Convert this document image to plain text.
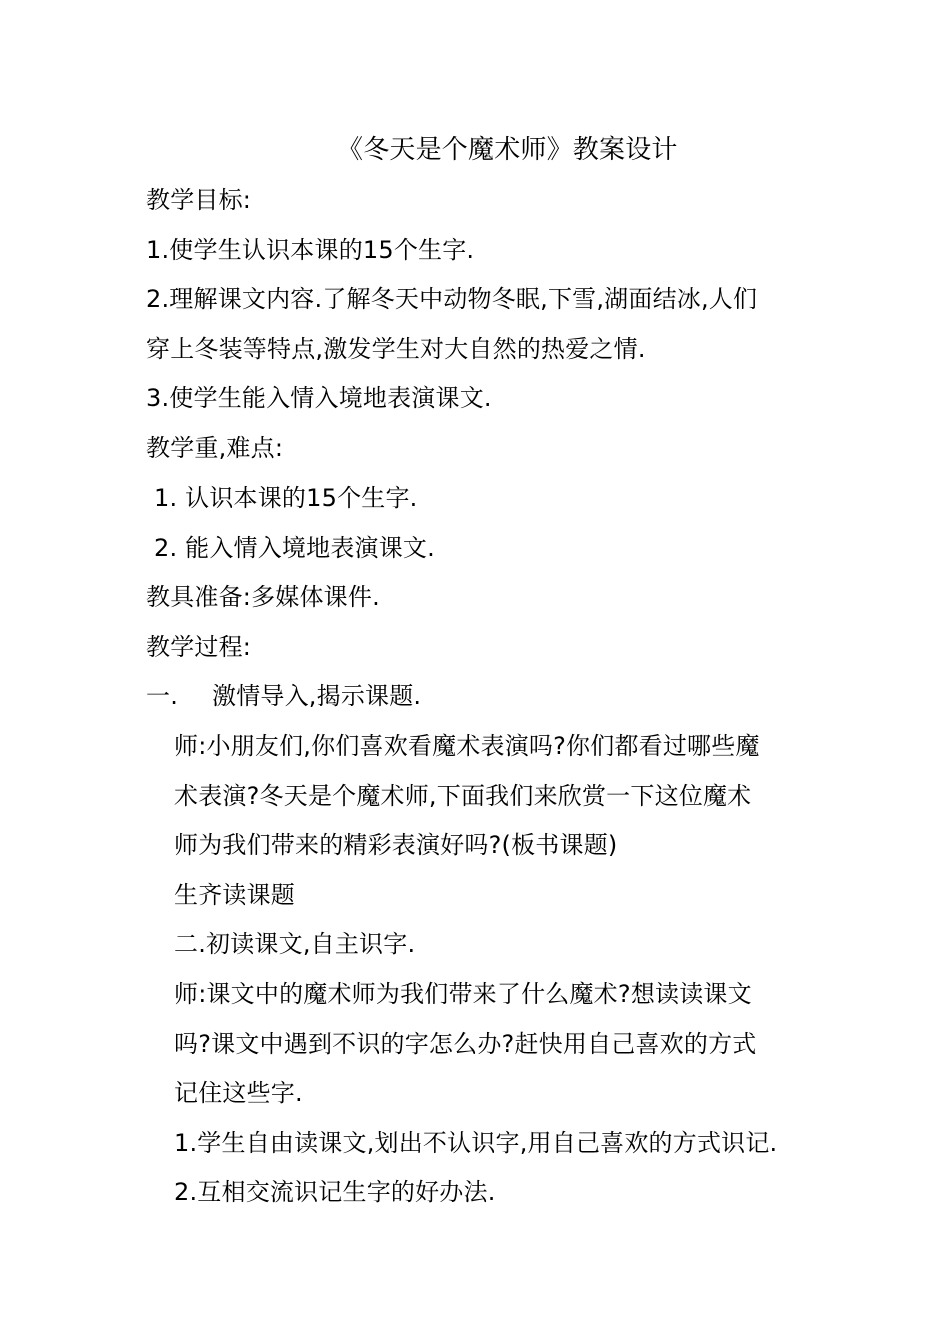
《冬天是个魔术师》教案设计
教学目标:
1.使学生认识本课的15个生字.
2.理解课文内容.了解冬天中动物冬眠,下雪,湖面结冰,人们
穿上冬装等特点,激发学生对大自然的热爱之情.
3.使学生能入情入境地表演课文.
教学重,难点:
1. 认识本课的15个生字.
2. 能入情入境地表演课文.
教具准备:多媒体课件.
教学过程:
一. 激情导入,揭示课题.
师:小朋友们,你们喜欢看魔术表演吗?你们都看过哪些魔
术表演?冬天是个魔术师,下面我们来欣赏一下这位魔术
师为我们带来的精彩表演好吗?(板书课题)
生齐读课题
二.初读课文,自主识字.
师:课文中的魔术师为我们带来了什么魔术?想读读课文
吗?课文中遇到不识的字怎么办?赶快用自己喜欢的方式
记住这些字.
1.学生自由读课文,划出不认识字,用自己喜欢的方式识记.
2.互相交流识记生字的好办法.
